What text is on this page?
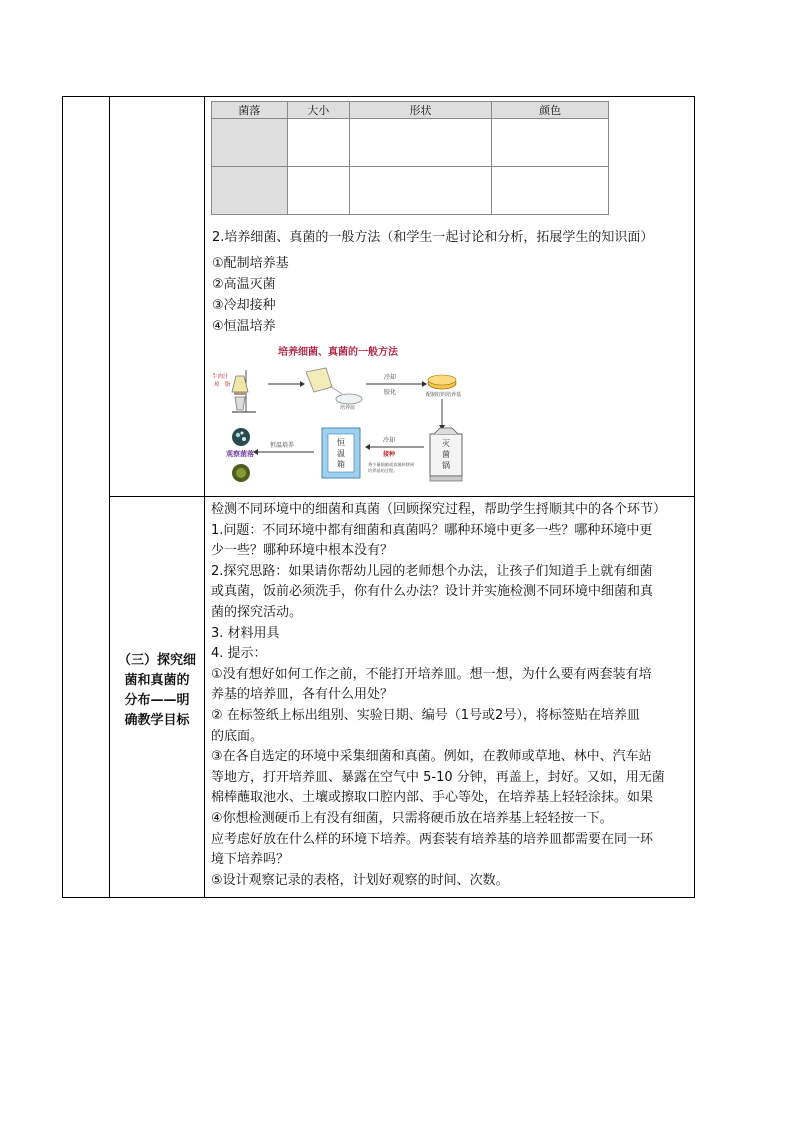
菌落	大小	形状	颜色

2.培养细菌、真菌的一般方法（和学生一起讨论和分析，拓展学生的知识面）
①配制培养基
②高温灭菌
③冷却接种
④恒温培养
培养细菌、真菌的一般方法
牛肉汁
琼　脂
培养皿
冷却
胶化	配制好的培养基
灭
菌
锅
冷却
接种
将少量细菌或真菌转移到
培养基的过程。
恒
温
箱
恒温培养
观察菌落
（三）探究细
菌和真菌的
分布——明
确教学目标
检测不同环境中的细菌和真菌（回顾探究过程，帮助学生捋顺其中的各个环节）
1.问题：不同环境中都有细菌和真菌吗？哪种环境中更多一些？哪种环境中更
少一些？哪种环境中根本没有？
2.探究思路：如果请你帮幼儿园的老师想个办法，让孩子们知道手上就有细菌
或真菌，饭前必须洗手，你有什么办法？设计并实施检测不同环境中细菌和真
菌的探究活动。
3. 材料用具
4. 提示：
①没有想好如何工作之前，不能打开培养皿。想一想，为什么要有两套装有培
养基的培养皿，各有什么用处？
② 在标签纸上标出组别、实验日期、编号（1号或2号），将标签贴在培养皿
的底面。
③在各自选定的环境中采集细菌和真菌。例如，在教师或草地、林中、汽车站
等地方，打开培养皿、暴露在空气中 5-10 分钟，再盖上，封好。又如，用无菌
棉棒蘸取池水、土壤或擦取口腔内部、手心等处，在培养基上轻轻涂抹。如果
④你想检测硬币上有没有细菌，只需将硬币放在培养基上轻轻按一下。
应考虑好放在什么样的环境下培养。两套装有培养基的培养皿都需要在同一环
境下培养吗？
⑤设计观察记录的表格，计划好观察的时间、次数。
